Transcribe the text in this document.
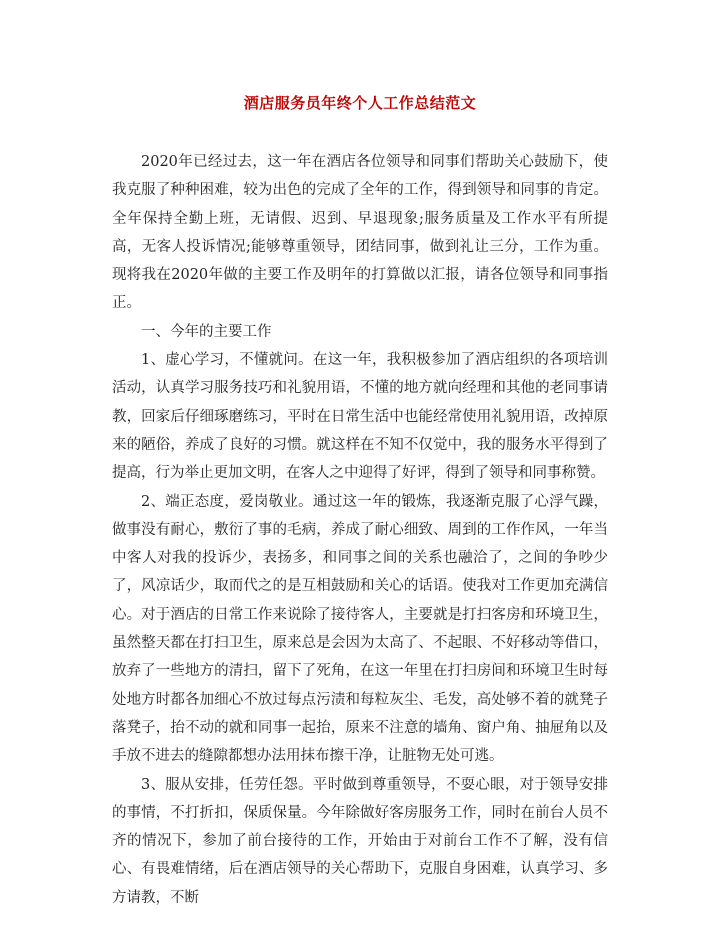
酒店服务员年终个人工作总结范文

2020年已经过去，这一年在酒店各位领导和同事们帮助关心鼓励下，使我克服了种种困难，较为出色的完成了全年的工作，得到领导和同事的肯定。全年保持全勤上班，无请假、迟到、早退现象;服务质量及工作水平有所提高，无客人投诉情况;能够尊重领导，团结同事，做到礼让三分，工作为重。现将我在2020年做的主要工作及明年的打算做以汇报，请各位领导和同事指正。

一、今年的主要工作

1、虚心学习，不懂就问。在这一年，我积极参加了酒店组织的各项培训活动，认真学习服务技巧和礼貌用语，不懂的地方就向经理和其他的老同事请教，回家后仔细琢磨练习，平时在日常生活中也能经常使用礼貌用语，改掉原来的陋俗，养成了良好的习惯。就这样在不知不仅觉中，我的服务水平得到了提高，行为举止更加文明，在客人之中迎得了好评，得到了领导和同事称赞。

2、端正态度，爱岗敬业。通过这一年的锻炼，我逐渐克服了心浮气躁，做事没有耐心，敷衍了事的毛病，养成了耐心细致、周到的工作作风，一年当中客人对我的投诉少，表扬多，和同事之间的关系也融洽了，之间的争吵少了，风凉话少，取而代之的是互相鼓励和关心的话语。使我对工作更加充满信心。对于酒店的日常工作来说除了接待客人，主要就是打扫客房和环境卫生，虽然整天都在打扫卫生，原来总是会因为太高了、不起眼、不好移动等借口，放弃了一些地方的清扫，留下了死角，在这一年里在打扫房间和环境卫生时每处地方时都各加细心不放过每点污渍和每粒灰尘、毛发，高处够不着的就凳子落凳子，抬不动的就和同事一起抬，原来不注意的墙角、窗户角、抽屉角以及手放不进去的缝隙都想办法用抹布擦干净，让脏物无处可逃。

3、服从安排，任劳任怨。平时做到尊重领导，不耍心眼，对于领导安排的事情，不打折扣，保质保量。今年除做好客房服务工作，同时在前台人员不齐的情况下，参加了前台接待的工作，开始由于对前台工作不了解，没有信心、有畏难情绪，后在酒店领导的关心帮助下，克服自身困难，认真学习、多方请教，不断
